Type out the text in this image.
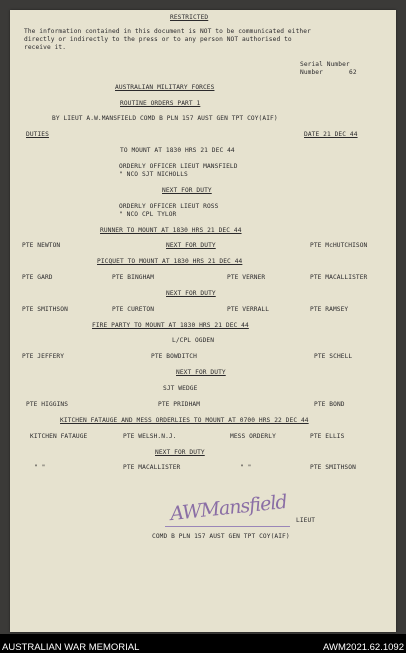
RESTRICTED
The information contained in this document is NOT to be communicated either
directly or indirectly to the press or to any person NOT authorised to
receive it.
Serial Number
Number	62
AUSTRALIAN MILITARY FORCES
ROUTINE ORDERS PART 1
BY LIEUT A.W.MANSFIELD COMD B PLN 157 AUST GEN TPT COY(AIF)
DUTIES	DATE 21 DEC 44
TO MOUNT AT 1830 HRS 21 DEC 44
ORDERLY OFFICER LIEUT MANSFIELD
" NCO SJT NICHOLLS
NEXT FOR DUTY
ORDERLY OFFICER LIEUT ROSS
" NCO CPL TYLOR
RUNNER TO MOUNT AT 1830 HRS 21 DEC 44
PTE NEWTON	NEXT FOR DUTY	PTE McHUTCHISON
PICQUET TO MOUNT AT 1830 HRS 21 DEC 44
PTE GARD	PTE BINGHAM	PTE VERNER	PTE MACALLISTER
NEXT FOR DUTY
PTE SMITHSON	PTE CURETON	PTE VERRALL	PTE RAMSEY
FIRE PARTY TO MOUNT AT 1830 HRS 21 DEC 44
L/CPL OGDEN
PTE JEFFERY	PTE BOWDITCH	PTE SCHELL
NEXT FOR DUTY
SJT WEDGE
PTE HIGGINS	PTE PRIDHAM	PTE BOND
KITCHEN FATAUGE AND MESS ORDERLIES TO MOUNT AT 0700 HRS 22 DEC 44
KITCHEN FATAUGE	PTE WELSH.N.J.	MESS ORDERLY	PTE ELLIS
NEXT FOR DUTY
" "	PTE MACALLISTER	" "	PTE SMITHSON
AWMansfield LIEUT
COMD B PLN 157 AUST GEN TPT COY(AIF)
AUSTRALIAN WAR MEMORIAL	AWM2021.62.1092
